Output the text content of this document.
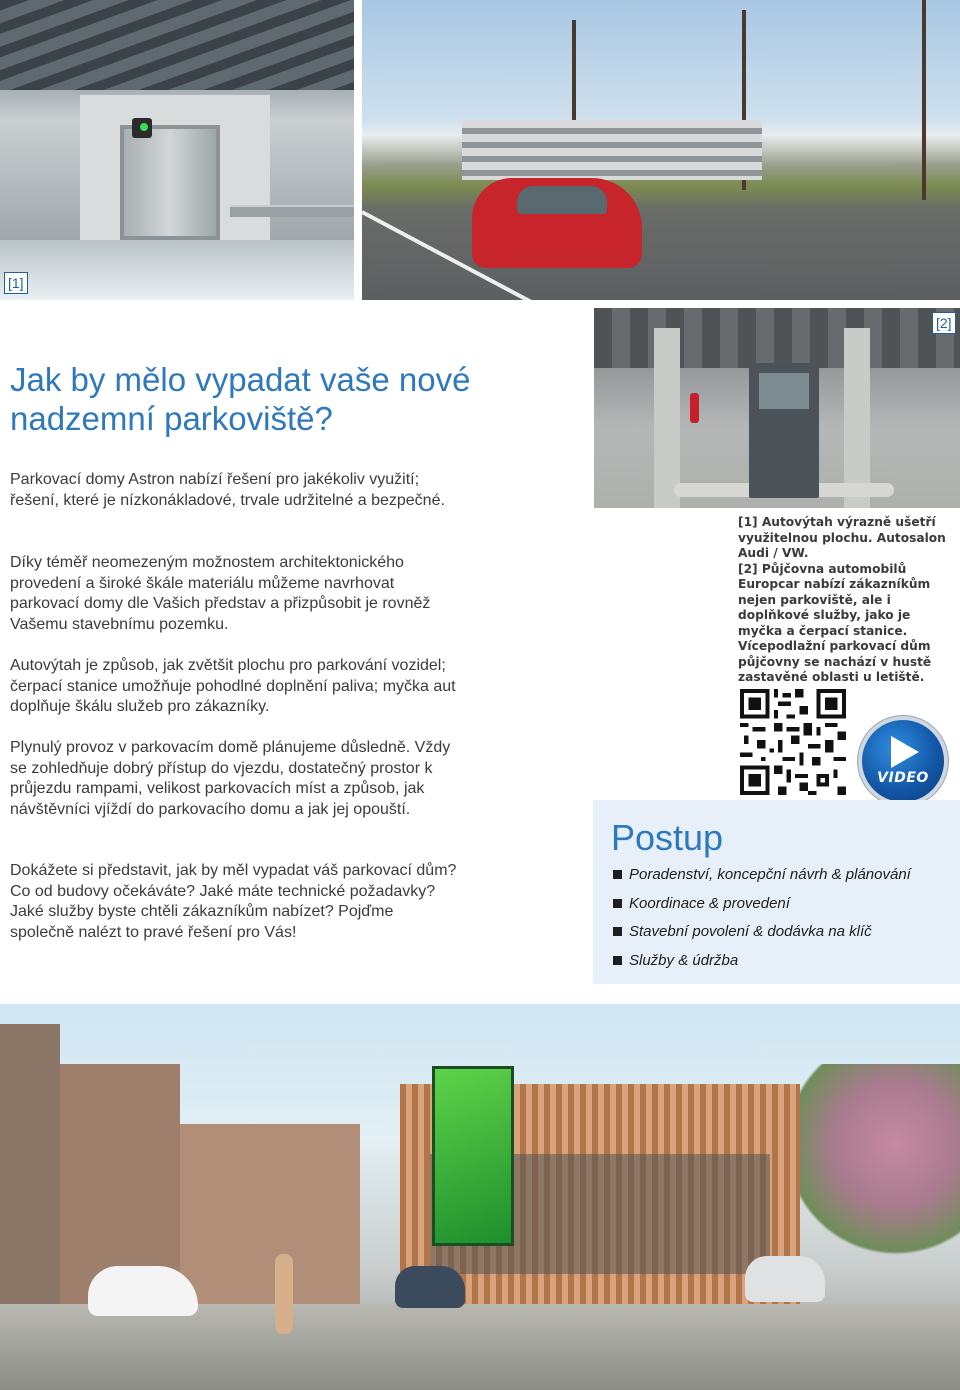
[1]
[2]
Jak by mělo vypadat vaše nové nadzemní parkoviště?

Parkovací domy Astron nabízí řešení pro jakékoliv využití; řešení, které je nízkonákladové, trvale udržitelné a bezpečné.

Díky téměř neomezeným možnostem architektonického provedení a široké škále materiálu můžeme navrhovat parkovací domy dle Vašich představ a přizpůsobit je rovněž Vašemu stavebnímu pozemku.

Autovýtah je způsob, jak zvětšit plochu pro parkování vozidel; čerpací stanice umožňuje pohodlné doplnění paliva; myčka aut doplňuje škálu služeb pro zákazníky.

Plynulý provoz v parkovacím domě plánujeme důsledně. Vždy se zohledňuje dobrý přístup do vjezdu, dostatečný prostor k průjezdu rampami, velikost parkovacích míst a způsob, jak návštěvníci vjíždí do parkovacího domu a jak jej opouští.

Dokážete si představit, jak by měl vypadat váš parkovací dům? Co od budovy očekáváte? Jaké máte technické požadavky?
Jaké služby byste chtěli zákazníkům nabízet? Pojďme společně nalézt to pravé řešení pro Vás!

[1] Autovýtah výrazně ušetří využitelnou plochu. Autosalon Audi / VW.
[2] Půjčovna automobilů Europcar nabízí zákazníkům nejen parkoviště, ale i doplňkové služby, jako je myčka a čerpací stanice. Vícepodlažní parkovací dům půjčovny se nachází v hustě zastavěné oblasti u letiště.
VIDEO
Postup
Poradenství, koncepční návrh & plánování
Koordinace & provedení
Stavební povolení & dodávka na klíč
Služby & údržba
